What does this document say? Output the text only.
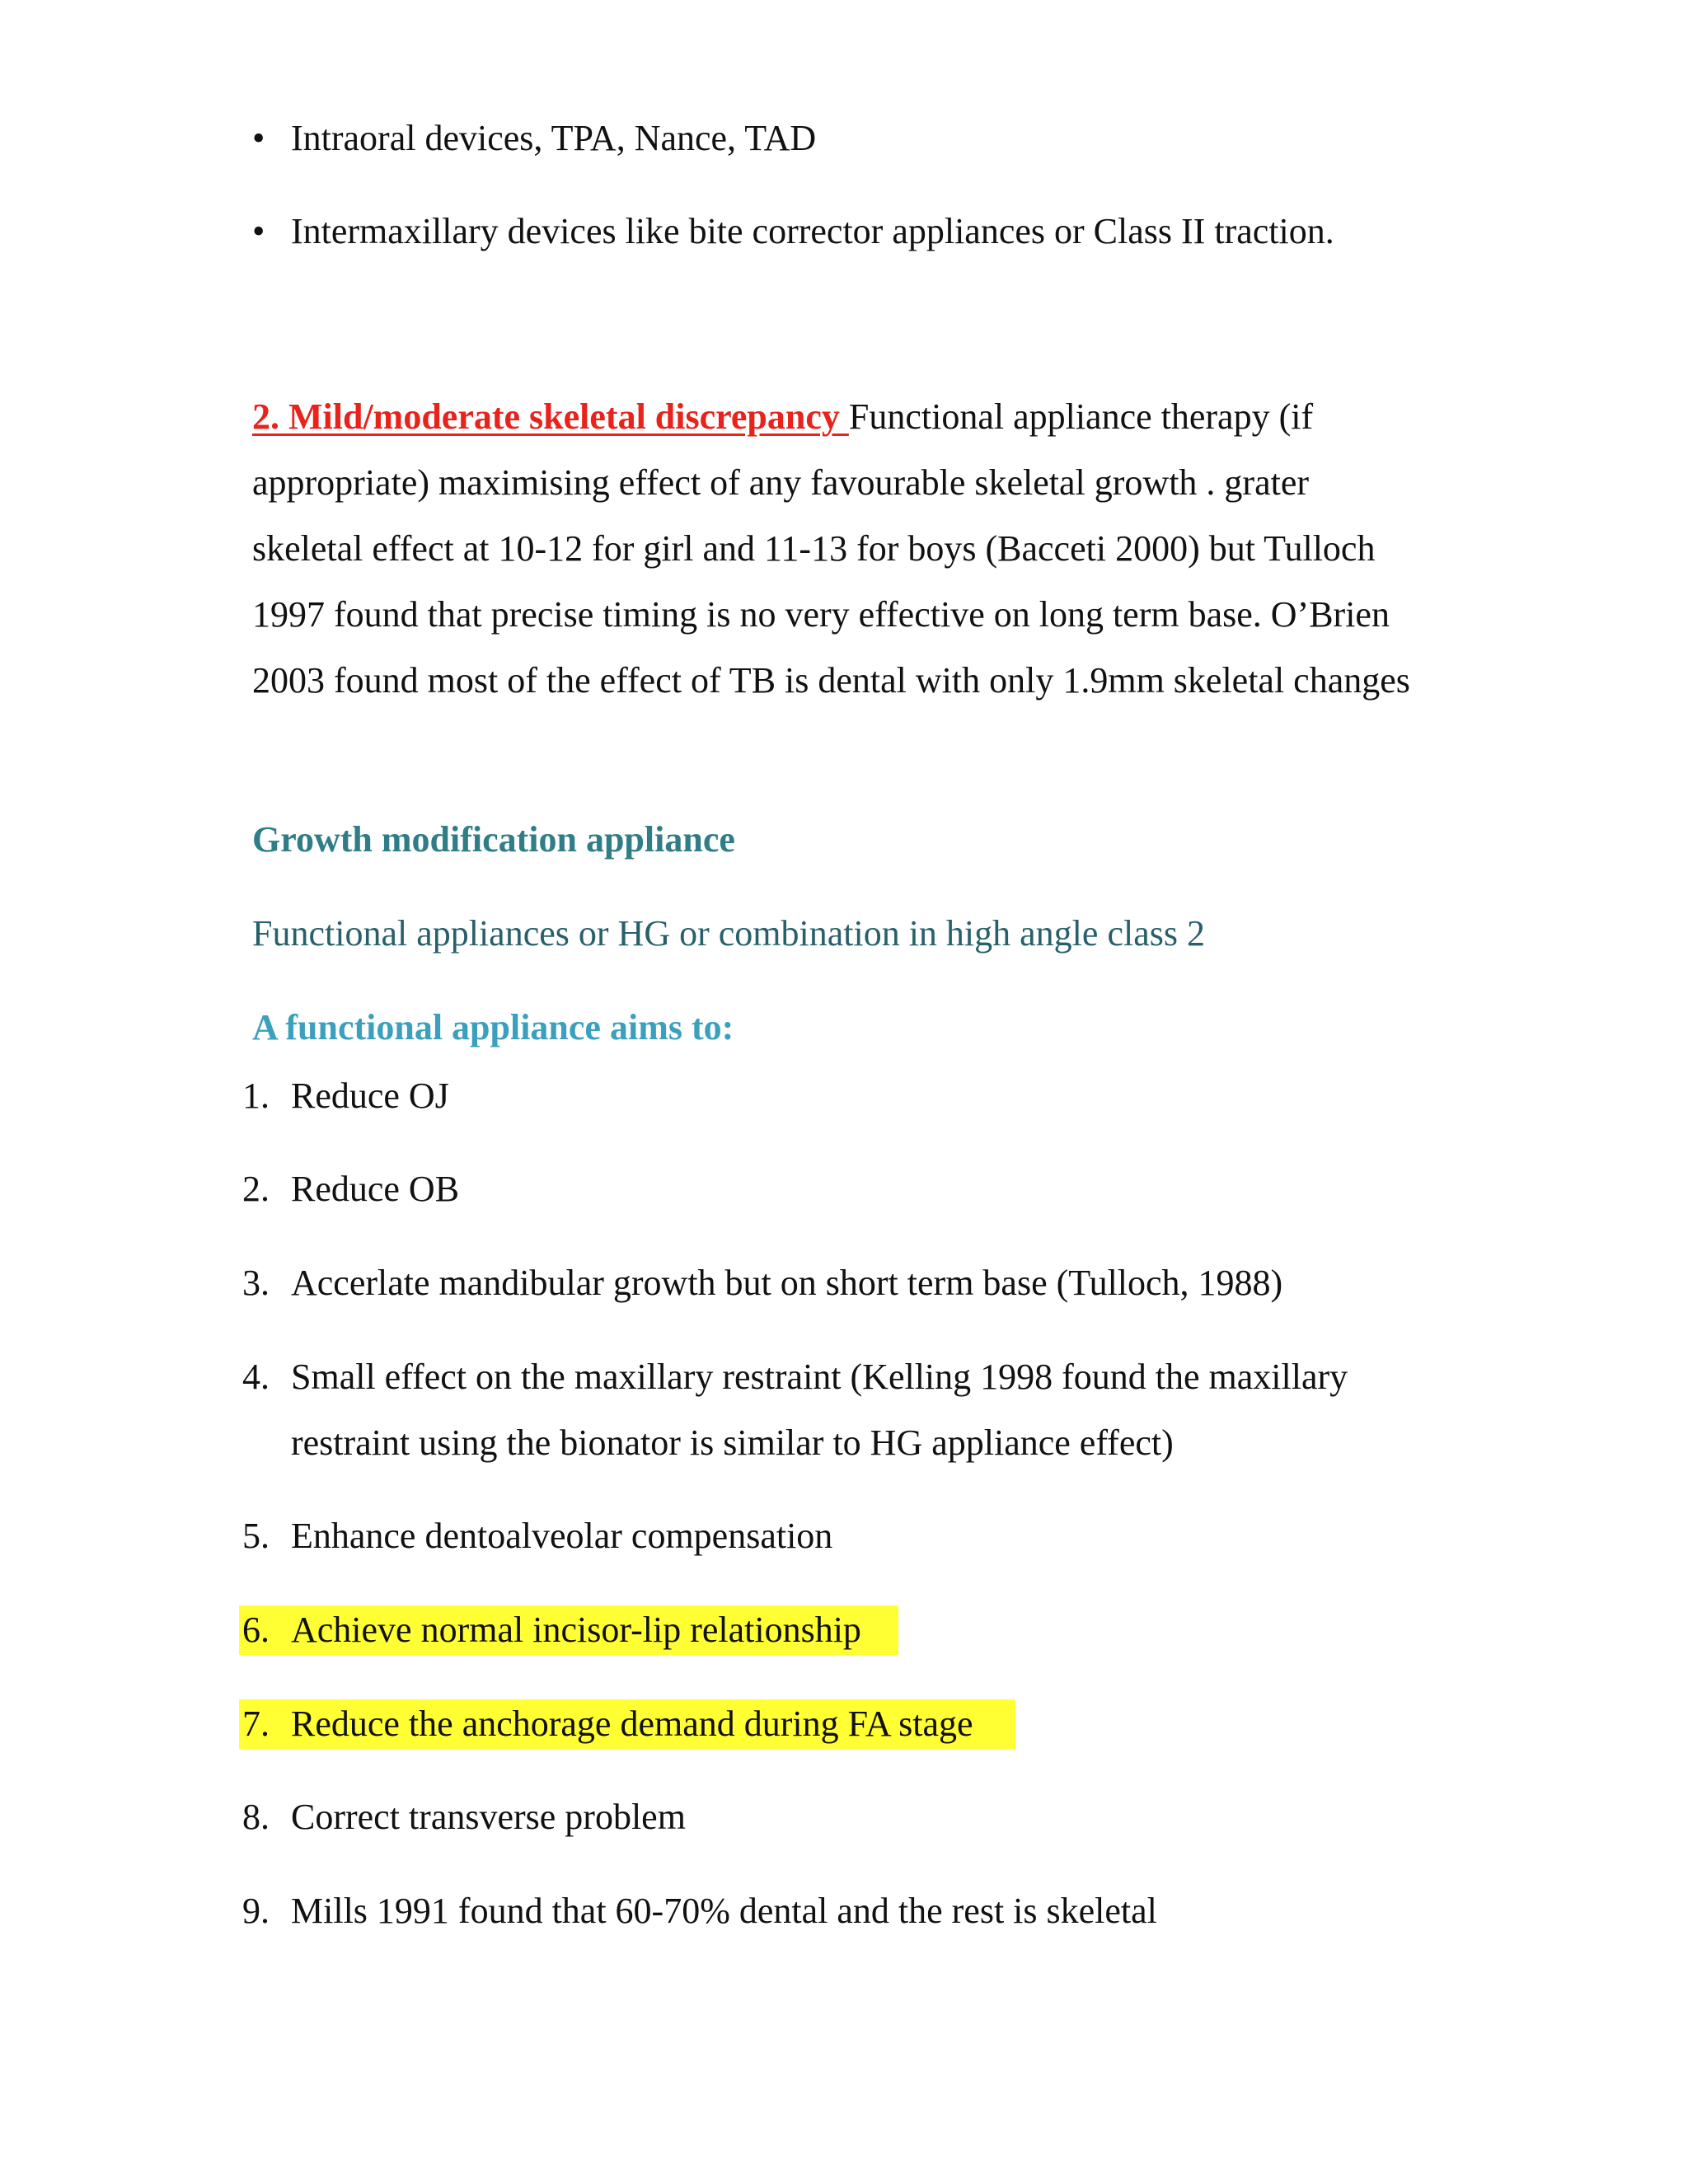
• Intraoral devices, TPA, Nance, TAD
• Intermaxillary devices like bite corrector appliances or Class II traction.
2. Mild/moderate skeletal discrepancy Functional appliance therapy (if
appropriate) maximising effect of any favourable skeletal growth . grater
skeletal effect at 10-12 for girl and 11-13 for boys (Bacceti 2000) but Tulloch
1997 found that precise timing is no very effective on long term base. O’Brien
2003 found most of the effect of TB is dental with only 1.9mm skeletal changes
Growth modification appliance
Functional appliances or HG or combination in high angle class 2
A functional appliance aims to:
1. Reduce OJ
2. Reduce OB
3. Accerlate mandibular growth but on short term base (Tulloch, 1988)
4. Small effect on the maxillary restraint (Kelling 1998 found the maxillary
restraint using the bionator is similar to HG appliance effect)
5. Enhance dentoalveolar compensation
6. Achieve normal incisor-lip relationship
7. Reduce the anchorage demand during FA stage
8. Correct transverse problem
9. Mills 1991 found that 60-70% dental and the rest is skeletal
